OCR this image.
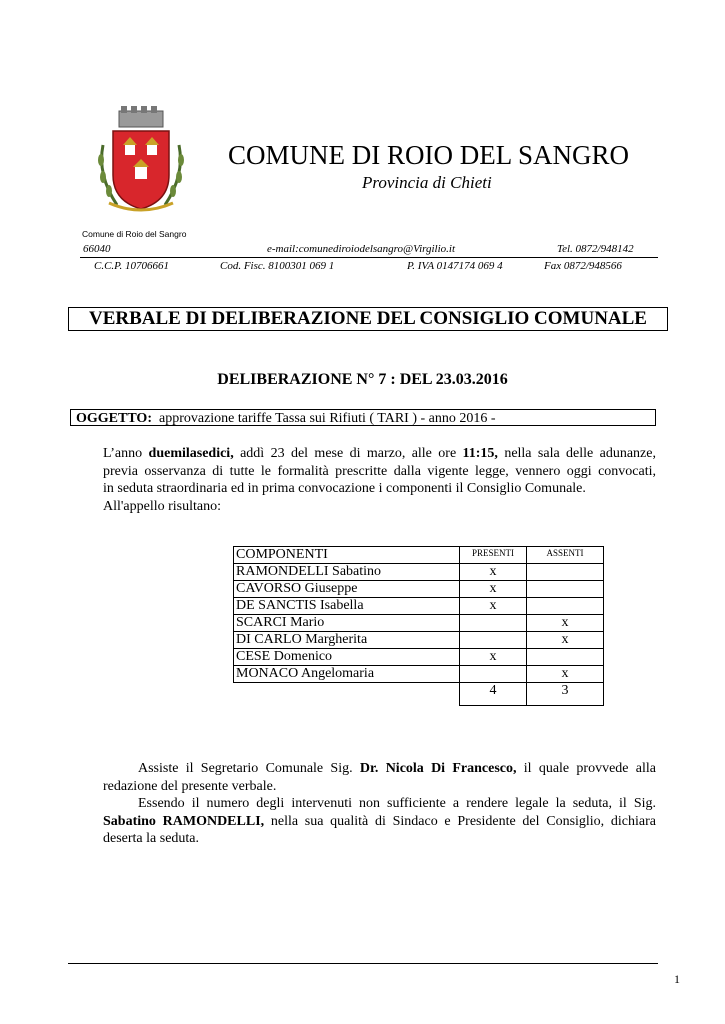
Comune di Roio del Sangro
COMUNE DI ROIO DEL SANGRO
Provincia di Chieti
66040	e-mail:comunediroiodelsangro@Virgilio.it	Tel. 0872/948142
C.C.P. 10706661	Cod. Fisc. 8100301 069 1	P. IVA 0147174 069 4	Fax 0872/948566
VERBALE DI DELIBERAZIONE DEL CONSIGLIO COMUNALE
DELIBERAZIONE N° 7 : DEL 23.03.2016
OGGETTO: approvazione tariffe Tassa sui Rifiuti ( TARI ) - anno 2016 -
L’anno duemilasedici, addì 23 del mese di marzo, alle ore 11:15, nella sala delle adunanze,
previa osservanza di tutte le formalità prescritte dalla vigente legge, vennero oggi convocati,
in seduta straordinaria ed in prima convocazione i componenti il Consiglio Comunale.
All'appello risultano:
COMPONENTI	PRESENTI	ASSENTI
RAMONDELLI Sabatino	x	
CAVORSO Giuseppe	x	
DE SANCTIS Isabella	x	
SCARCI Mario		x
DI CARLO Margherita		x
CESE Domenico	x	
MONACO Angelomaria		x
	4	3
Assiste il Segretario Comunale Sig. Dr. Nicola Di Francesco, il quale provvede alla
redazione del presente verbale.
Essendo il numero degli intervenuti non sufficiente a rendere legale la seduta, il Sig.
Sabatino RAMONDELLI, nella sua qualità di Sindaco e Presidente del Consiglio, dichiara
deserta la seduta.
1
